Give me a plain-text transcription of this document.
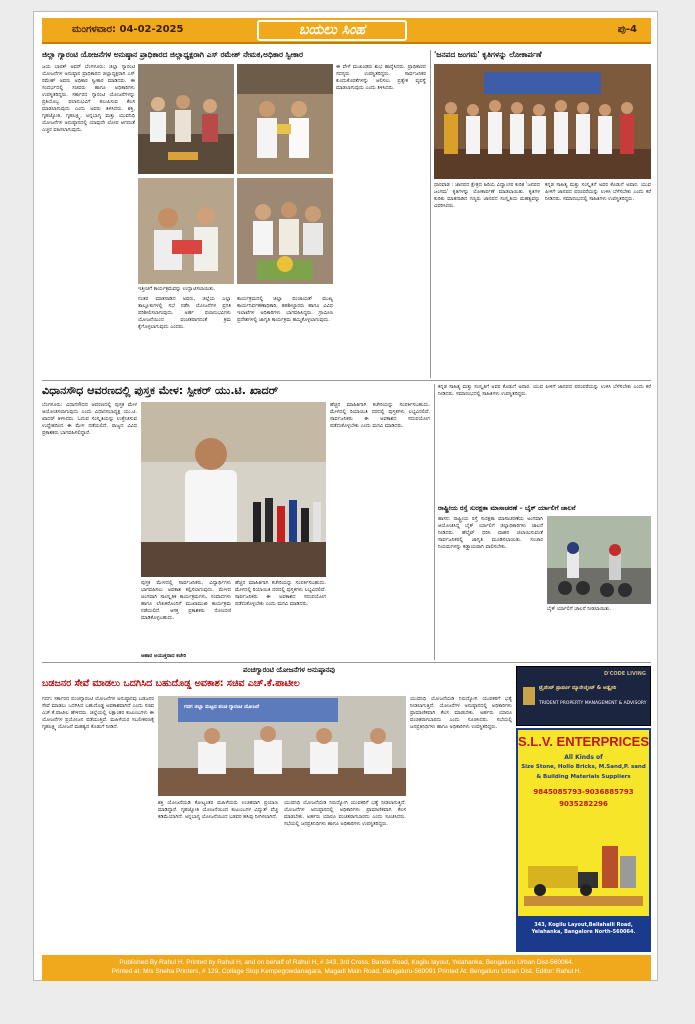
ಮಂಗಳವಾರ: 04-02-2025	ಬಯಲು ಸಿಂಹ	ಪು-4
ಜಿಲ್ಲಾ ಗ್ಯಾರಂಟಿ ಯೋಜನೆಗಳ ಅನುಷ್ಠಾನ ಪ್ರಾಧಿಕಾರದ ಜಿಲ್ಲಾಧ್ಯಕ್ಷರಾಗಿ ಎಸ್ ರಮೇಶ್ ನೇಮಕ,ಅಧಿಕಾರ ಸ್ವೀಕಾರ
ಜಯ ಭಾರತ್ ಅವರ್ ಬೆಂಗಳೂರು: ಜಿಲ್ಲಾ ಗ್ಯಾರಂಟಿ ಯೋಜನೆಗಳ ಅನುಷ್ಠಾನ ಪ್ರಾಧಿಕಾರದ ಜಿಲ್ಲಾಧ್ಯಕ್ಷರಾಗಿ ಎಸ್ ರಮೇಶ್ ಅವರು ಅಧಿಕಾರ ಸ್ವೀಕಾರ ಮಾಡಿದರು. ಈ ಸಂದರ್ಭದಲ್ಲಿ ಸಚಿವರು ಹಾಗೂ ಅಧಿಕಾರಿಗಳು ಉಪಸ್ಥಿತರಿದ್ದರು. ಸರ್ಕಾರದ ಗ್ಯಾರಂಟಿ ಯೋಜನೆಗಳನ್ನು ಪ್ರತಿಯೊಬ್ಬ ಫಲಾನುಭವಿಗೆ ತಲುಪಿಸುವ ಕೆಲಸ ಮಾಡಲಾಗುವುದು ಎಂದು ಅವರು ತಿಳಿಸಿದರು. ಶಕ್ತಿ, ಗೃಹಜ್ಯೋತಿ, ಗೃಹಲಕ್ಷ್ಮಿ, ಅನ್ನಭಾಗ್ಯ ಮತ್ತು ಯುವನಿಧಿ ಯೋಜನೆಗಳ ಅನುಷ್ಠಾನದಲ್ಲಿ ಯಾವುದೇ ಲೋಪ ಆಗದಂತೆ ಎಚ್ಚರ ವಹಿಸಲಾಗುವುದು.
ಇತ್ತೀಚಿಗೆ ಕಾರ್ಯಕ್ರಮವನ್ನು ಉದ್ಘಾಟಿಸಲಾಯಿತು.
ನಂತರ ಮಾತನಾಡಿದ ಅವರು, ಜಿಲ್ಲೆಯ ಎಲ್ಲಾ ತಾಲ್ಲೂಕುಗಳಲ್ಲಿ ಸಭೆ ನಡೆಸಿ ಯೋಜನೆಗಳ ಪ್ರಗತಿ ಪರಿಶೀಲಿಸಲಾಗುವುದು. ಅರ್ಹ ಫಲಾನುಭವಿಗಳು ಯೋಜನೆಯಿಂದ ವಂಚಿತರಾಗದಂತೆ ಕ್ರಮ ಕೈಗೊಳ್ಳಲಾಗುವುದು ಎಂದರು.
ಕಾರ್ಯಕ್ರಮದಲ್ಲಿ ಜಿಲ್ಲಾ ಪಂಚಾಯತ್ ಮುಖ್ಯ ಕಾರ್ಯನಿರ್ವಹಣಾಧಿಕಾರಿ, ತಹಶೀಲ್ದಾರರು ಹಾಗೂ ವಿವಿಧ ಇಲಾಖೆಗಳ ಅಧಿಕಾರಿಗಳು ಭಾಗವಹಿಸಿದ್ದರು. ಗ್ರಾಮೀಣ ಪ್ರದೇಶಗಳಲ್ಲಿ ಜಾಗೃತಿ ಕಾರ್ಯಕ್ರಮ ಹಮ್ಮಿಕೊಳ್ಳಲಾಗುವುದು.
ಈ ವೇಳೆ ಮುಖಂಡರು ಶುಭ ಹಾರೈಸಿದರು. ಪ್ರಾಧಿಕಾರದ ಸದಸ್ಯರು ಉಪಸ್ಥಿತರಿದ್ದರು. ಸಾರ್ವಜನಿಕರ ಕುಂದುಕೊರತೆಗಳನ್ನು ಆಲಿಸಲು ಪ್ರತ್ಯೇಕ ವ್ಯವಸ್ಥೆ ಮಾಡಲಾಗುವುದು ಎಂದು ತಿಳಿಸಿದರು.
'ಜನಪದ ಜಂಗಮ' ಕೃತಿಗಳನ್ನು ಲೋಕಾರ್ಪಣೆ
ಧಾರವಾಡ : ಜಾನಪದ ಕ್ಷೇತ್ರದ ಹಿರಿಯ ವಿದ್ವಾಂಸರ ಕುರಿತ 'ಜನಪದ ಜಂಗಮ' ಕೃತಿಗಳನ್ನು ಲೋಕಾರ್ಪಣೆ ಮಾಡಲಾಯಿತು. ಕೃತಿಗಳ ಕುರಿತು ಮಾತನಾಡಿದ ಗಣ್ಯರು ಜಾನಪದ ಸಂಸ್ಕೃತಿಯ ಮಹತ್ವವನ್ನು ವಿವರಿಸಿದರು.
ಕನ್ನಡ ಸಾಹಿತ್ಯ ಮತ್ತು ಸಂಸ್ಕೃತಿಗೆ ಅವರ ಕೊಡುಗೆ ಅಪಾರ. ಯುವ ಪೀಳಿಗೆ ಜಾನಪದ ಪರಂಪರೆಯನ್ನು ಉಳಿಸಿ ಬೆಳೆಸಬೇಕು ಎಂದು ಕರೆ ನೀಡಿದರು. ಸಮಾರಂಭದಲ್ಲಿ ಸಾಹಿತಿಗಳು ಉಪಸ್ಥಿತರಿದ್ದರು.
ವಿಧಾನಸೌಧ ಆವರಣದಲ್ಲಿ ಪುಸ್ತಕ ಮೇಳ: ಸ್ಪೀಕರ್ ಯು.ಟಿ. ಖಾದರ್
ಬೆಂಗಳೂರು: ವಿಧಾನಸೌಧದ ಆವರಣದಲ್ಲಿ ಪುಸ್ತಕ ಮೇಳ ಆಯೋಜಿಸಲಾಗುವುದು ಎಂದು ವಿಧಾನಸಭಾಧ್ಯಕ್ಷ ಯು.ಟಿ. ಖಾದರ್ ತಿಳಿಸಿದರು. ಓದುವ ಸಂಸ್ಕೃತಿಯನ್ನು ಉತ್ತೇಜಿಸುವ ಉದ್ದೇಶದಿಂದ ಈ ಮೇಳ ನಡೆಯಲಿದೆ. ರಾಜ್ಯದ ವಿವಿಧ ಪ್ರಕಾಶಕರು ಭಾಗವಹಿಸಲಿದ್ದಾರೆ.
ಪುಸ್ತಕ ಮೇಳದಲ್ಲಿ ಸಾರ್ವಜನಿಕರು, ವಿದ್ಯಾರ್ಥಿಗಳು ಭಾಗವಹಿಸಲು ಅವಕಾಶ ಕಲ್ಪಿಸಲಾಗುವುದು. ಮೇಳದ ಅಂಗವಾಗಿ ಸಾಂಸ್ಕೃತಿಕ ಕಾರ್ಯಕ್ರಮಗಳು, ಸಂವಾದಗಳು ಹಾಗೂ ಲೇಖಕರೊಂದಿಗೆ ಮುಖಾಮುಖಿ ಕಾರ್ಯಕ್ರಮ ನಡೆಯಲಿದೆ. ಆಸಕ್ತ ಪ್ರಕಾಶಕರು ನೋಂದಣಿ ಮಾಡಿಕೊಳ್ಳಬಹುದು.
ಹೆಚ್ಚಿನ ಮಾಹಿತಿಗಾಗಿ ಕಚೇರಿಯನ್ನು ಸಂಪರ್ಕಿಸಬಹುದು. ಮೇಳದಲ್ಲಿ ರಿಯಾಯಿತಿ ದರದಲ್ಲಿ ಪುಸ್ತಕಗಳು ಲಭ್ಯವಿರಲಿವೆ. ಸಾರ್ವಜನಿಕರು ಈ ಅವಕಾಶದ ಸದುಪಯೋಗ ಪಡೆದುಕೊಳ್ಳಬೇಕು ಎಂದು ಮನವಿ ಮಾಡಿದರು.
ಹೆಚ್ಚಿನ ಮಾಹಿತಿಗಾಗಿ ಕಚೇರಿಯನ್ನು ಸಂಪರ್ಕಿಸಬಹುದು. ಮೇಳದಲ್ಲಿ ರಿಯಾಯಿತಿ ದರದಲ್ಲಿ ಪುಸ್ತಕಗಳು ಲಭ್ಯವಿರಲಿವೆ. ಸಾರ್ವಜನಿಕರು ಈ ಅವಕಾಶದ ಸದುಪಯೋಗ ಪಡೆದುಕೊಳ್ಳಬೇಕು ಎಂದು ಮನವಿ ಮಾಡಿದರು.
ಆಹಾರ ಆಯುಕ್ತರಾದ ಕಚೇರಿ
ರಾಷ್ಟ್ರೀಯ ರಸ್ತೆ ಸುರಕ್ಷತಾ ಮಾಸಾಚರಣೆ – ಬೈಕ್ ರ್ಯಾಲಿಗೆ ಚಾಲನೆ
ಹಾಸನ: ರಾಷ್ಟ್ರೀಯ ರಸ್ತೆ ಸುರಕ್ಷತಾ ಮಾಸಾಚರಣೆಯ ಅಂಗವಾಗಿ ಆಯೋಜಿಸಿದ್ದ ಬೈಕ್ ರ್ಯಾಲಿಗೆ ಜಿಲ್ಲಾಧಿಕಾರಿಗಳು ಚಾಲನೆ ನೀಡಿದರು. ಹೆಲ್ಮೆಟ್ ಧರಿಸಿ ವಾಹನ ಚಲಾಯಿಸುವಂತೆ ಸಾರ್ವಜನಿಕರಲ್ಲಿ ಜಾಗೃತಿ ಮೂಡಿಸಲಾಯಿತು. ಸಂಚಾರ ನಿಯಮಗಳನ್ನು ಕಡ್ಡಾಯವಾಗಿ ಪಾಲಿಸಬೇಕು.
ಬೈಕ್ ರ್ಯಾಲಿಗೆ ಚಾಲನೆ ನೀಡಲಾಯಿತು.
ಕನ್ನಡ ಸಾಹಿತ್ಯ ಮತ್ತು ಸಂಸ್ಕೃತಿಗೆ ಅವರ ಕೊಡುಗೆ ಅಪಾರ. ಯುವ ಪೀಳಿಗೆ ಜಾನಪದ ಪರಂಪರೆಯನ್ನು ಉಳಿಸಿ ಬೆಳೆಸಬೇಕು ಎಂದು ಕರೆ ನೀಡಿದರು. ಸಮಾರಂಭದಲ್ಲಿ ಸಾಹಿತಿಗಳು ಉಪಸ್ಥಿತರಿದ್ದರು.
ಪಂಚಗ್ಯಾರಂಟಿ ಯೋಜನೆಗಳ ಅನುಷ್ಠಾನವು
ಬಡಜನರ ಸೇವೆ ಮಾಡಲು ಒದಗಿಸಿದ ಬಹುದೊಡ್ಡ ಅವಕಾಶ: ಸಚಿವ ಎಚ್.ಕೆ.ಪಾಟೀಲ
ಗದಗ: ಸರ್ಕಾರದ ಪಂಚಗ್ಯಾರಂಟಿ ಯೋಜನೆಗಳ ಅನುಷ್ಠಾನವು ಬಡಜನರ ಸೇವೆ ಮಾಡಲು ಒದಗಿಸಿದ ಬಹುದೊಡ್ಡ ಅವಕಾಶವಾಗಿದೆ ಎಂದು ಸಚಿವ ಎಚ್.ಕೆ.ಪಾಟೀಲ ಹೇಳಿದರು. ಜಿಲ್ಲೆಯಲ್ಲಿ ಲಕ್ಷಾಂತರ ಕುಟುಂಬಗಳು ಈ ಯೋಜನೆಗಳ ಪ್ರಯೋಜನ ಪಡೆಯುತ್ತಿವೆ. ಮಹಿಳೆಯರ ಸಬಲೀಕರಣಕ್ಕೆ ಗೃಹಲಕ್ಷ್ಮಿ ಯೋಜನೆ ಮಹತ್ವದ ಕೊಡುಗೆ ನೀಡಿದೆ.
ಗದಗ ಜಿಲ್ಲಾ ಮಟ್ಟದ ಪಂಚ ಗ್ಯಾರಂಟಿ ಯೋಜನೆ
ಶಕ್ತಿ ಯೋಜನೆಯಡಿ ಕೋಟ್ಯಂತರ ಮಹಿಳೆಯರು ಉಚಿತವಾಗಿ ಪ್ರಯಾಣ ಮಾಡಿದ್ದಾರೆ. ಗೃಹಜ್ಯೋತಿ ಯೋಜನೆಯಿಂದ ಕುಟುಂಬಗಳ ವಿದ್ಯುತ್ ವೆಚ್ಚ ಕಡಿಮೆಯಾಗಿದೆ. ಅನ್ನಭಾಗ್ಯ ಯೋಜನೆಯಿಂದ ಬಡವರ ಹಸಿವು ನೀಗಿಸಲಾಗಿದೆ.
ಯುವನಿಧಿ ಯೋಜನೆಯಡಿ ನಿರುದ್ಯೋಗಿ ಯುವಕರಿಗೆ ಭತ್ಯೆ ನೀಡಲಾಗುತ್ತಿದೆ. ಯೋಜನೆಗಳ ಅನುಷ್ಠಾನದಲ್ಲಿ ಅಧಿಕಾರಿಗಳು ಪ್ರಾಮಾಣಿಕವಾಗಿ ಕೆಲಸ ಮಾಡಬೇಕು. ಅರ್ಹರು ಯಾರೂ ವಂಚಿತರಾಗಬಾರದು ಎಂದು ಸೂಚಿಸಿದರು. ಸಭೆಯಲ್ಲಿ ಜನಪ್ರತಿನಿಧಿಗಳು ಹಾಗೂ ಅಧಿಕಾರಿಗಳು ಉಪಸ್ಥಿತರಿದ್ದರು.
ಯುವನಿಧಿ ಯೋಜನೆಯಡಿ ನಿರುದ್ಯೋಗಿ ಯುವಕರಿಗೆ ಭತ್ಯೆ ನೀಡಲಾಗುತ್ತಿದೆ. ಯೋಜನೆಗಳ ಅನುಷ್ಠಾನದಲ್ಲಿ ಅಧಿಕಾರಿಗಳು ಪ್ರಾಮಾಣಿಕವಾಗಿ ಕೆಲಸ ಮಾಡಬೇಕು. ಅರ್ಹರು ಯಾರೂ ವಂಚಿತರಾಗಬಾರದು ಎಂದು ಸೂಚಿಸಿದರು. ಸಭೆಯಲ್ಲಿ ಜನಪ್ರತಿನಿಧಿಗಳು ಹಾಗೂ ಅಧಿಕಾರಿಗಳು ಉಪಸ್ಥಿತರಿದ್ದರು.
D'CODE LIVING
ಟ್ರೈಡೆಂಟ್ ಪ್ರಾಪರ್ಟಿ ಮ್ಯಾನೇಜ್ಮೆಂಟ್ & ಅಡ್ವೈಸರಿ
TRIDENT PROPERTY MANAGEMENT & ADVISORY
S.L.V. ENTERPRICES
All Kinds of
Size Stone, Hollo Bricks, M.Sand,P. sand
& Building Materials Suppliers
9845085793-9036885793
9035282296
343, Kogilu Layout,Bellahalli Road, Yelahanka, Bangalore North-560064.
Published By Rahul H. Printed by Rahul H, and on behalf of Rahul H, # 343, 3rd Cross, Bande Road, Kogilu layout, Yelahanka, Bengaluru Urban Dist-560064.
Printed at: M/s Sneha Printers, # 129, Collage Stop Kempegowdanagara, Magadi Main Road, Bengaluru-560091 Printed At: Bengaluru Urban Dist. Editor: Rahul H.
